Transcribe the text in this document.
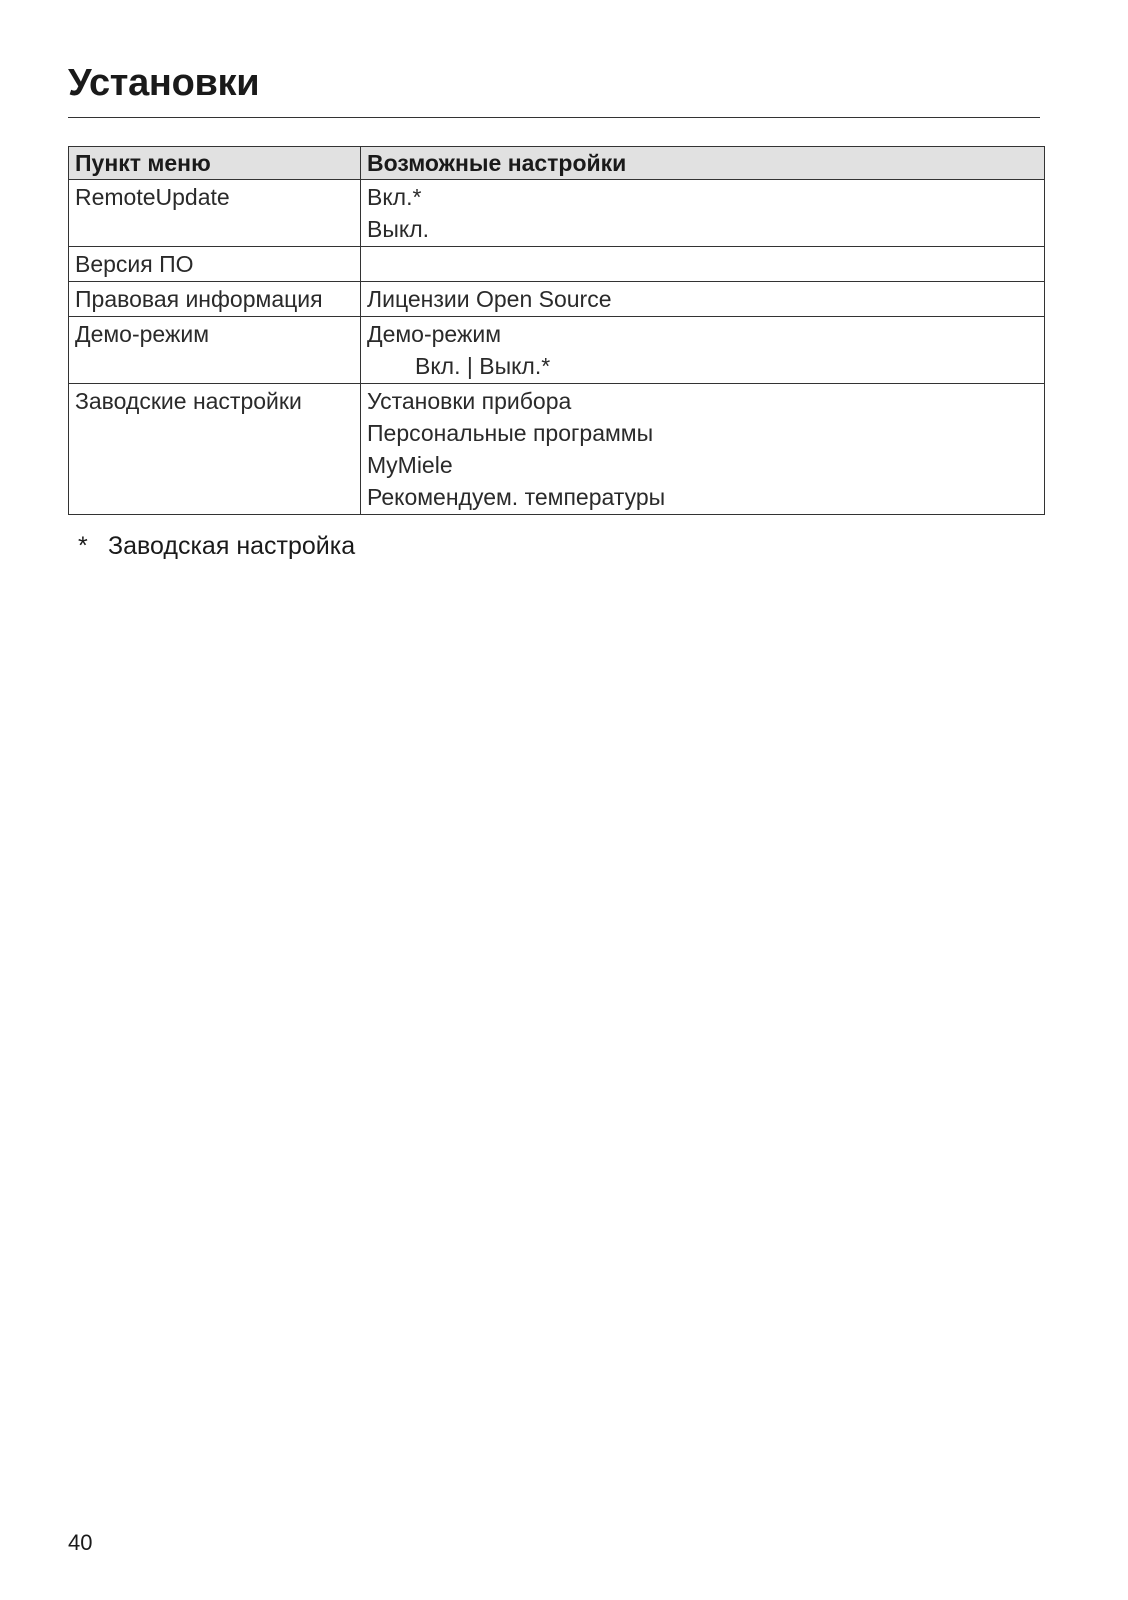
Установки
Пункт меню	Возможные настройки

RemoteUpdate	Вкл.*
Выкл.

Версия ПО	

Правовая информация	Лицензии Open Source

Демо-режим	Демо-режим
Вкл. | Выкл.*

Заводские настройки	Установки прибора
Персональные программы
MyMiele
Рекомендуем. температуры
* Заводская настройка
40
